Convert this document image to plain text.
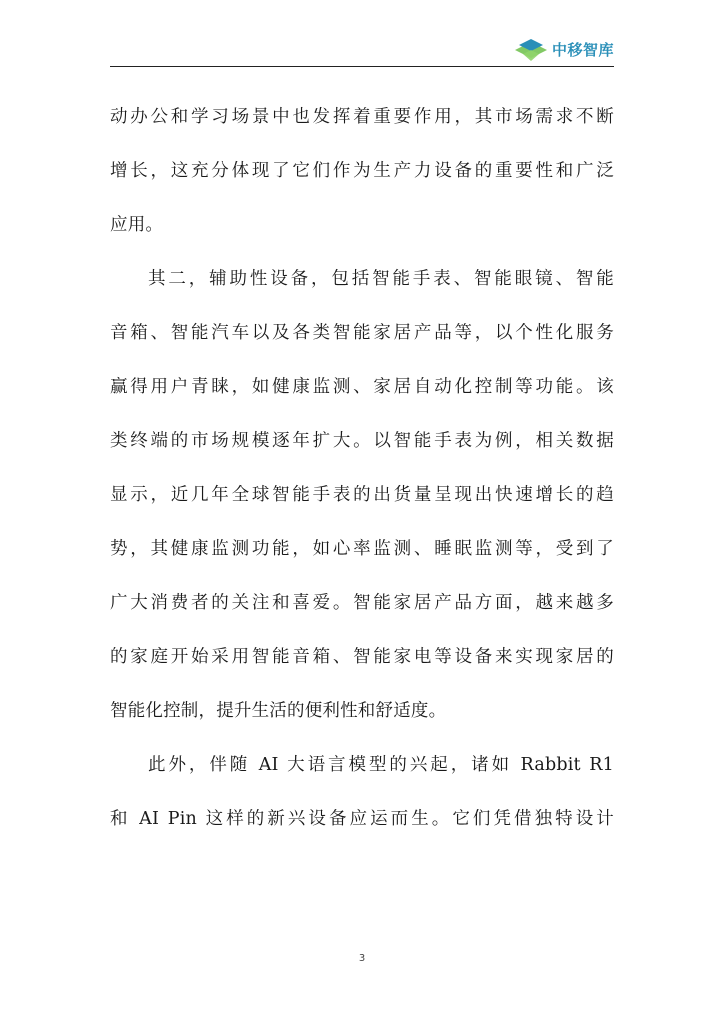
中移智库
动办公和学习场景中也发挥着重要作用，其市场需求不断
增长，这充分体现了它们作为生产力设备的重要性和广泛
应用。
其二，辅助性设备，包括智能手表、智能眼镜、智能
音箱、智能汽车以及各类智能家居产品等，以个性化服务
赢得用户青睐，如健康监测、家居自动化控制等功能。该
类终端的市场规模逐年扩大。以智能手表为例，相关数据
显示，近几年全球智能手表的出货量呈现出快速增长的趋
势，其健康监测功能，如心率监测、睡眠监测等，受到了
广大消费者的关注和喜爱。智能家居产品方面，越来越多
的家庭开始采用智能音箱、智能家电等设备来实现家居的
智能化控制，提升生活的便利性和舒适度。
此外，伴随 AI 大语言模型的兴起，诸如 Rabbit R1
和 AI Pin 这样的新兴设备应运而生。它们凭借独特设计
3
